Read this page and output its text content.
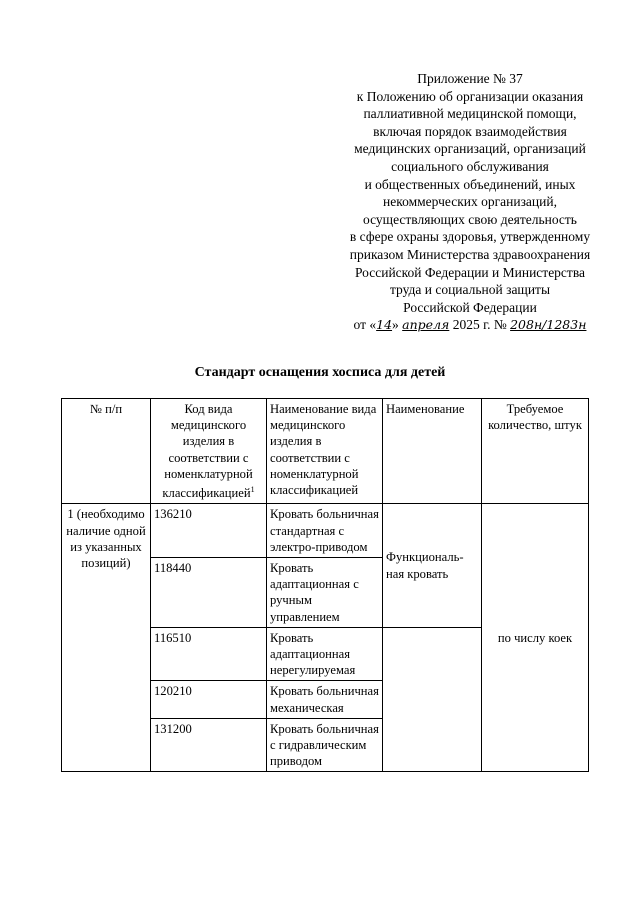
Приложение № 37
к Положению об организации оказания
паллиативной медицинской помощи,
включая порядок взаимодействия
медицинских организаций, организаций
социального обслуживания
и общественных объединений, иных
некоммерческих организаций,
осуществляющих свою деятельность
в сфере охраны здоровья, утвержденному
приказом Министерства здравоохранения
Российской Федерации и Министерства
труда и социальной защиты
Российской Федерации
от «14» апреля 2025 г. № 208н/1283н
Стандарт оснащения хосписа для детей
№ п/п	Код вида медицинского изделия в соответствии с номенклатурной классификацией$^1$	Наименование вида медицинского изделия в соответствии с номенклатурной классификацией	Наименование	Требуемое количество, штук
1 (необходимо наличие одной из указанных позиций)	136210	Кровать больничная стандартная с электро-приводом	Функциональ-ная кровать	по числу коек
	118440	Кровать адаптационная с ручным управлением		
	116510	Кровать адаптационная нерегулируемая		
	120210	Кровать больничная механическая		
	131200	Кровать больничная с гидравлическим приводом		
